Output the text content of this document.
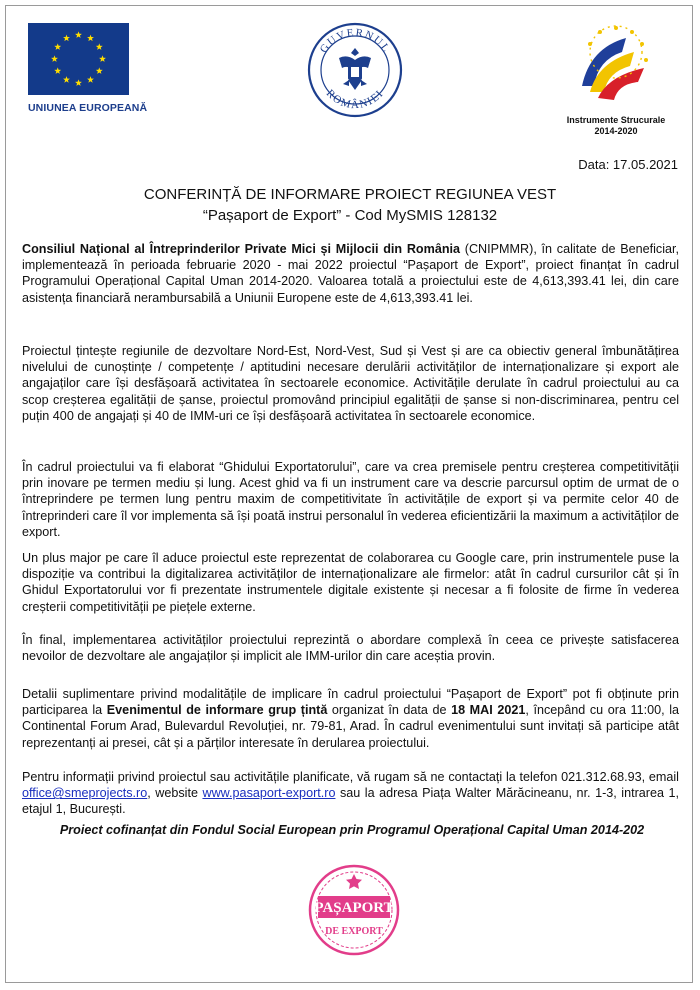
UNIUNEA EUROPEANĂ
GUVERNUL
ROMÂNIEI
Instrumente Strucurale
2014-2020
Data: 17.05.2021
CONFERINȚĂ DE INFORMARE PROIECT REGIUNEA VEST
“Pașaport de Export” - Cod MySMIS 128132

Consiliul Național al Întreprinderilor Private Mici și Mijlocii din România (CNIPMMR), în calitate de Beneficiar, implementează în perioada februarie 2020 - mai 2022 proiectul “Pașaport de Export”, proiect finanțat în cadrul Programului Operațional Capital Uman 2014-2020. Valoarea totală a proiectului este de 4,613,393.41 lei, din care asistența financiară nerambursabilă a Uniunii Europene este de 4,613,393.41 lei.

Proiectul țintește regiunile de dezvoltare Nord-Est, Nord-Vest, Sud și Vest și are ca obiectiv general îmbunătățirea nivelului de cunoștințe / competențe / aptitudini necesare derulării activităților de internaționalizare și export ale angajaților care își desfășoară activitatea în sectoarele economice. Activitățile derulate în cadrul proiectului au ca scop creșterea egalității de șanse, proiectul promovând principiul egalității de șanse si non-discriminarea, pentru cel puțin 400 de angajați și 40 de IMM-uri ce își desfășoară activitatea în sectoarele economice.

În cadrul proiectului va fi elaborat “Ghidului Exportatorului”, care va crea premisele pentru creșterea competitivității prin inovare pe termen mediu și lung. Acest ghid va fi un instrument care va descrie parcursul optim de urmat de o întreprindere pe termen lung pentru maxim de competitivitate în activitățile de export și va permite celor 40 de întreprinderi care îl vor implementa să își poată instrui personalul în vederea eficientizării la maximum a activităților de export.

Un plus major pe care îl aduce proiectul este reprezentat de colaborarea cu Google care, prin instrumentele puse la dispoziție va contribui la digitalizarea activităților de internaționalizare ale firmelor: atât în cadrul cursurilor cât și în Ghidul Exportatorului vor fi prezentate instrumentele digitale existente și necesar a fi folosite de firme în vederea creșterii competitivității pe piețele externe.

În final, implementarea activităților proiectului reprezintă o abordare complexă în ceea ce privește satisfacerea nevoilor de dezvoltare ale angajaților și implicit ale IMM-urilor din care aceștia provin.

Detalii suplimentare privind modalitățile de implicare în cadrul proiectului “Pașaport de Export” pot fi obținute prin participarea la Evenimentul de informare grup țintă organizat în data de 18 MAI 2021, începând cu ora 11:00, la Continental Forum Arad, Bulevardul Revoluției, nr. 79-81, Arad. În cadrul evenimentului sunt invitați să participe atât reprezentanți ai presei, cât și a părților interesate în derularea proiectului.

Pentru informații privind proiectul sau activitățile planificate, vă rugam să ne contactați la telefon 021.312.68.93, email office@smeprojects.ro, website www.pasaport-export.ro sau la adresa Piața Walter Mărăcineanu, nr. 1-3, intrarea 1, etajul 1, București.

Proiect cofinanțat din Fondul Social European prin Programul Operațional Capital Uman 2014-202
PAȘAPORT
DE EXPORT
